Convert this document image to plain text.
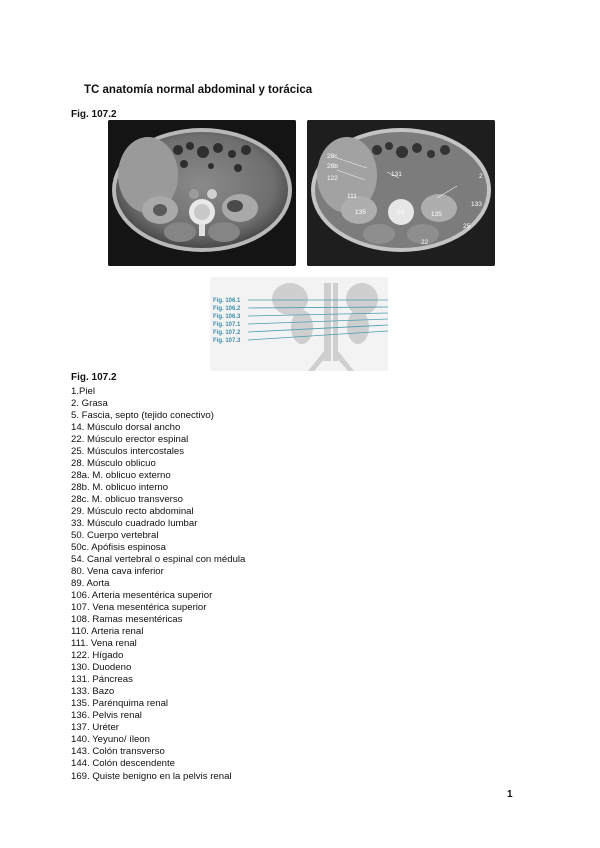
TC anatomía normal abdominal y torácica
Fig. 107.2
28c
28b
122
131
111
135	50
133
135
25
22
2
Fig. 106.1
Fig. 106.2
Fig. 106.3
Fig. 107.1
Fig. 107.2
Fig. 107.3
Fig. 107.2
1.Piel
2. Grasa
5. Fascia, septo (tejido conectivo)
14. Músculo dorsal ancho
22. Músculo erector espinal
25. Músculos intercostales
28. Músculo oblicuo
28a. M. oblicuo externo
28b. M. oblicuo interno
28c. M. oblicuo transverso
29. Músculo recto abdominal
33. Músculo cuadrado lumbar
50. Cuerpo vertebral
50c. Apófisis espinosa
54. Canal vertebral o espinal con médula
80. Vena cava inferior
89. Aorta
106. Arteria mesentérica superior
107. Vena mesentérica superior
108. Ramas mesentéricas
110. Arteria renal
111. Vena renal
122. Hígado
130. Duodeno
131. Páncreas
133. Bazo
135. Parénquima renal
136. Pelvis renal
137. Uréter
140. Yeyuno/ íleon
143. Colón transverso
144. Colón descendente
169. Quiste benigno en la pelvis renal
1
